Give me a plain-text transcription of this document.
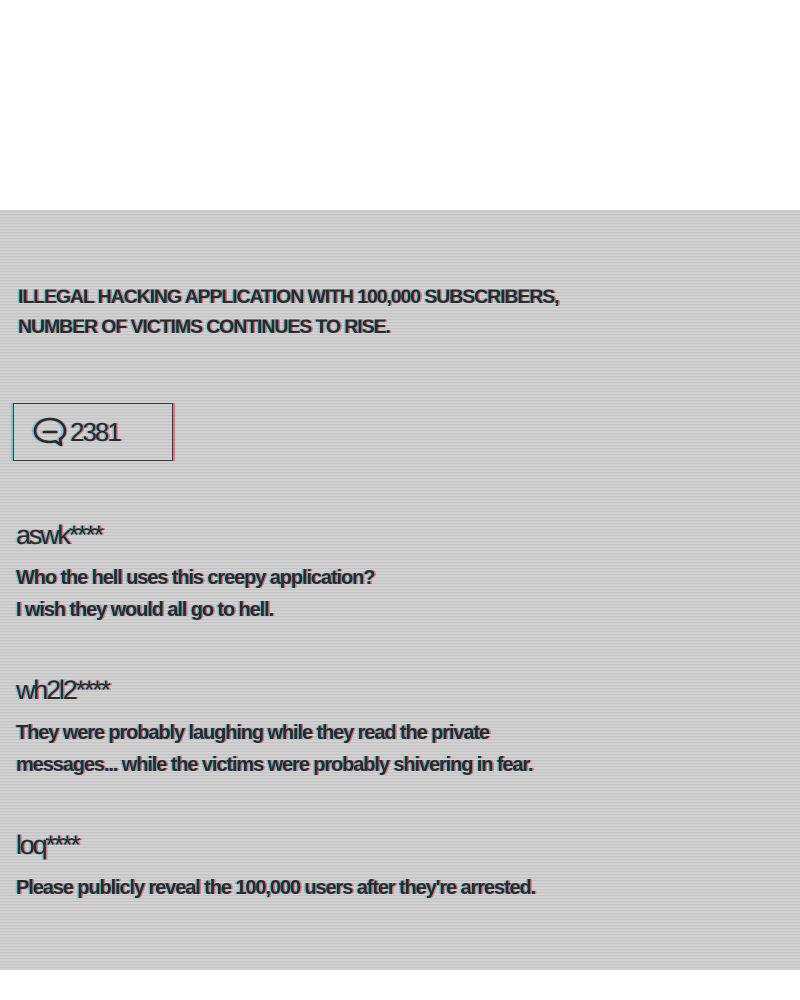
ILLEGAL HACKING APPLICATION WITH 100,000 SUBSCRIBERS,
NUMBER OF VICTIMS CONTINUES TO RISE.
2381
aswk****
Who the hell uses this creepy application?
I wish they would all go to hell.
wh2l2****
They were probably laughing while they read the private
messages... while the victims were probably shivering in fear.
loq****
Please publicly reveal the 100,000 users after they're arrested.
